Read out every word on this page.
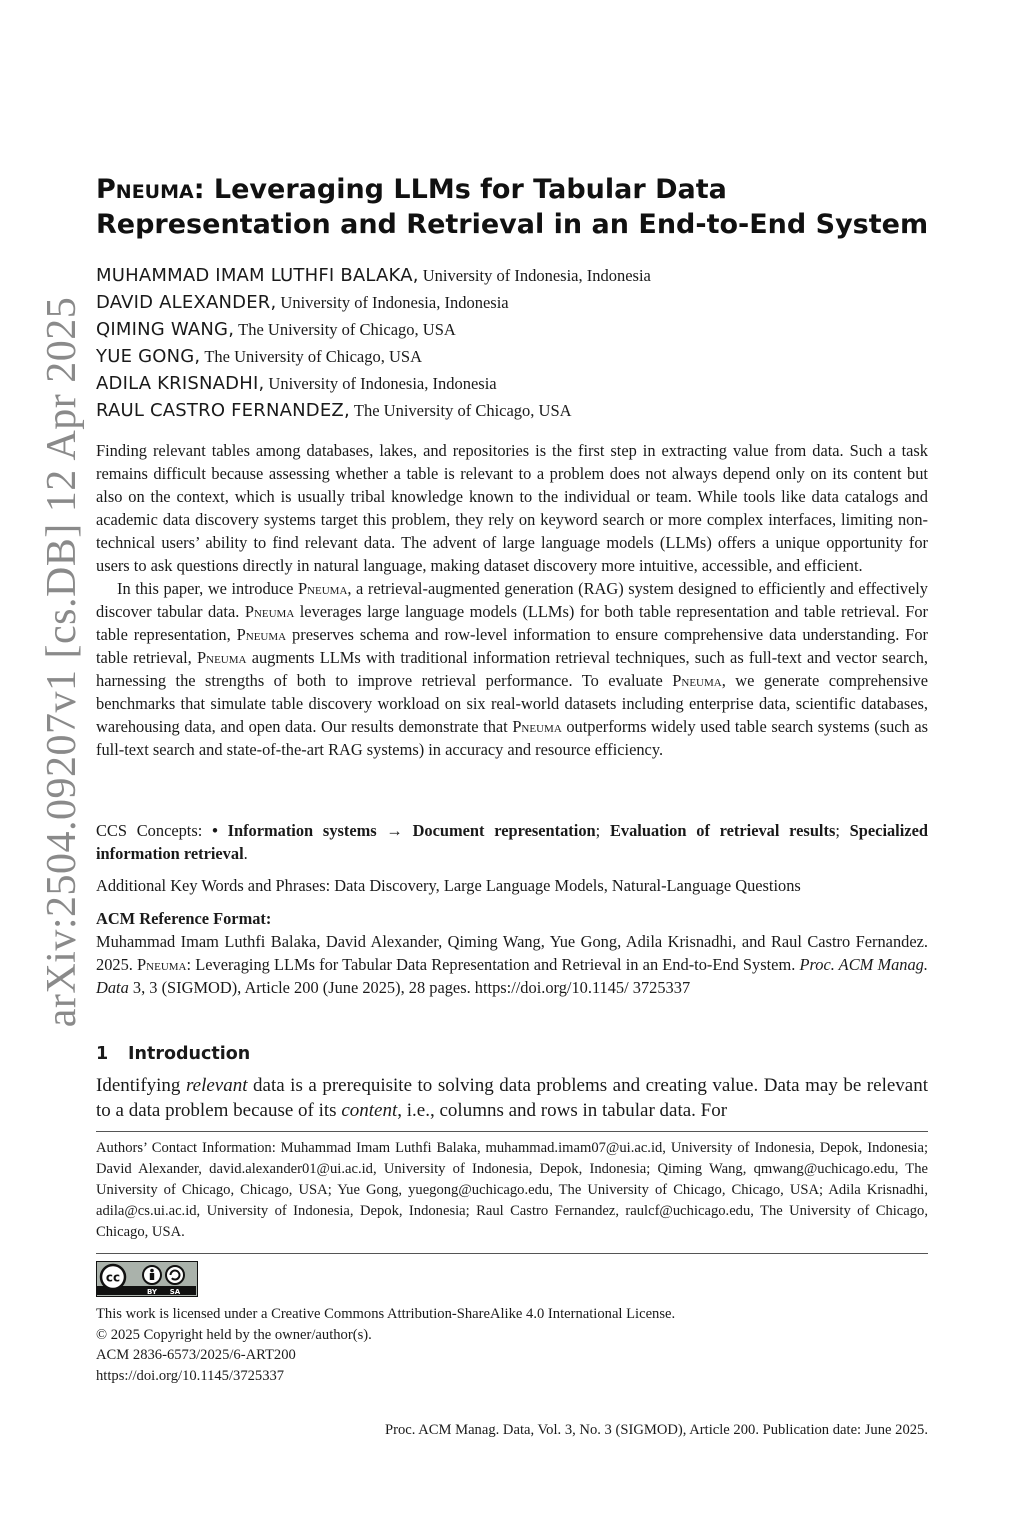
arXiv:2504.09207v1 [cs.DB] 12 Apr 2025
Pneuma: Leveraging LLMs for Tabular Data Representation and Retrieval in an End-to-End System
MUHAMMAD IMAM LUTHFI BALAKA, University of Indonesia, Indonesia
DAVID ALEXANDER, University of Indonesia, Indonesia
QIMING WANG, The University of Chicago, USA
YUE GONG, The University of Chicago, USA
ADILA KRISNADHI, University of Indonesia, Indonesia
RAUL CASTRO FERNANDEZ, The University of Chicago, USA

Finding relevant tables among databases, lakes, and repositories is the first step in extracting value from data. Such a task remains difficult because assessing whether a table is relevant to a problem does not always depend only on its content but also on the context, which is usually tribal knowledge known to the individual or team. While tools like data catalogs and academic data discovery systems target this problem, they rely on keyword search or more complex interfaces, limiting non-technical users’ ability to find relevant data. The advent of large language models (LLMs) offers a unique opportunity for users to ask questions directly in natural language, making dataset discovery more intuitive, accessible, and efficient.

In this paper, we introduce Pneuma, a retrieval-augmented generation (RAG) system designed to efficiently and effectively discover tabular data. Pneuma leverages large language models (LLMs) for both table representation and table retrieval. For table representation, Pneuma preserves schema and row-level information to ensure comprehensive data understanding. For table retrieval, Pneuma augments LLMs with traditional information retrieval techniques, such as full-text and vector search, harnessing the strengths of both to improve retrieval performance. To evaluate Pneuma, we generate comprehensive benchmarks that simulate table discovery workload on six real-world datasets including enterprise data, scientific databases, warehousing data, and open data. Our results demonstrate that Pneuma outperforms widely used table search systems (such as full-text search and state-of-the-art RAG systems) in accuracy and resource efficiency.

CCS Concepts: • Information systems → Document representation; Evaluation of retrieval results; Specialized information retrieval.
Additional Key Words and Phrases: Data Discovery, Large Language Models, Natural-Language Questions
ACM Reference Format:
Muhammad Imam Luthfi Balaka, David Alexander, Qiming Wang, Yue Gong, Adila Krisnadhi, and Raul Castro Fernandez. 2025. Pneuma: Leveraging LLMs for Tabular Data Representation and Retrieval in an End-to-End System. Proc. ACM Manag. Data 3, 3 (SIGMOD), Article 200 (June 2025), 28 pages. https://doi.org/10.1145/ 3725337
1 Introduction
Identifying relevant data is a prerequisite to solving data problems and creating value. Data may be relevant to a data problem because of its content, i.e., columns and rows in tabular data. For
Authors’ Contact Information: Muhammad Imam Luthfi Balaka, muhammad.imam07@ui.ac.id, University of Indonesia, Depok, Indonesia; David Alexander, david.alexander01@ui.ac.id, University of Indonesia, Depok, Indonesia; Qiming Wang, qmwang@uchicago.edu, The University of Chicago, Chicago, USA; Yue Gong, yuegong@uchicago.edu, The University of Chicago, Chicago, USA; Adila Krisnadhi, adila@cs.ui.ac.id, University of Indonesia, Depok, Indonesia; Raul Castro Fernandez, raulcf@uchicago.edu, The University of Chicago, Chicago, USA.
cc
BY SA
This work is licensed under a Creative Commons Attribution-ShareAlike 4.0 International License.
© 2025 Copyright held by the owner/author(s).
ACM 2836-6573/2025/6-ART200
https://doi.org/10.1145/3725337
Proc. ACM Manag. Data, Vol. 3, No. 3 (SIGMOD), Article 200. Publication date: June 2025.
